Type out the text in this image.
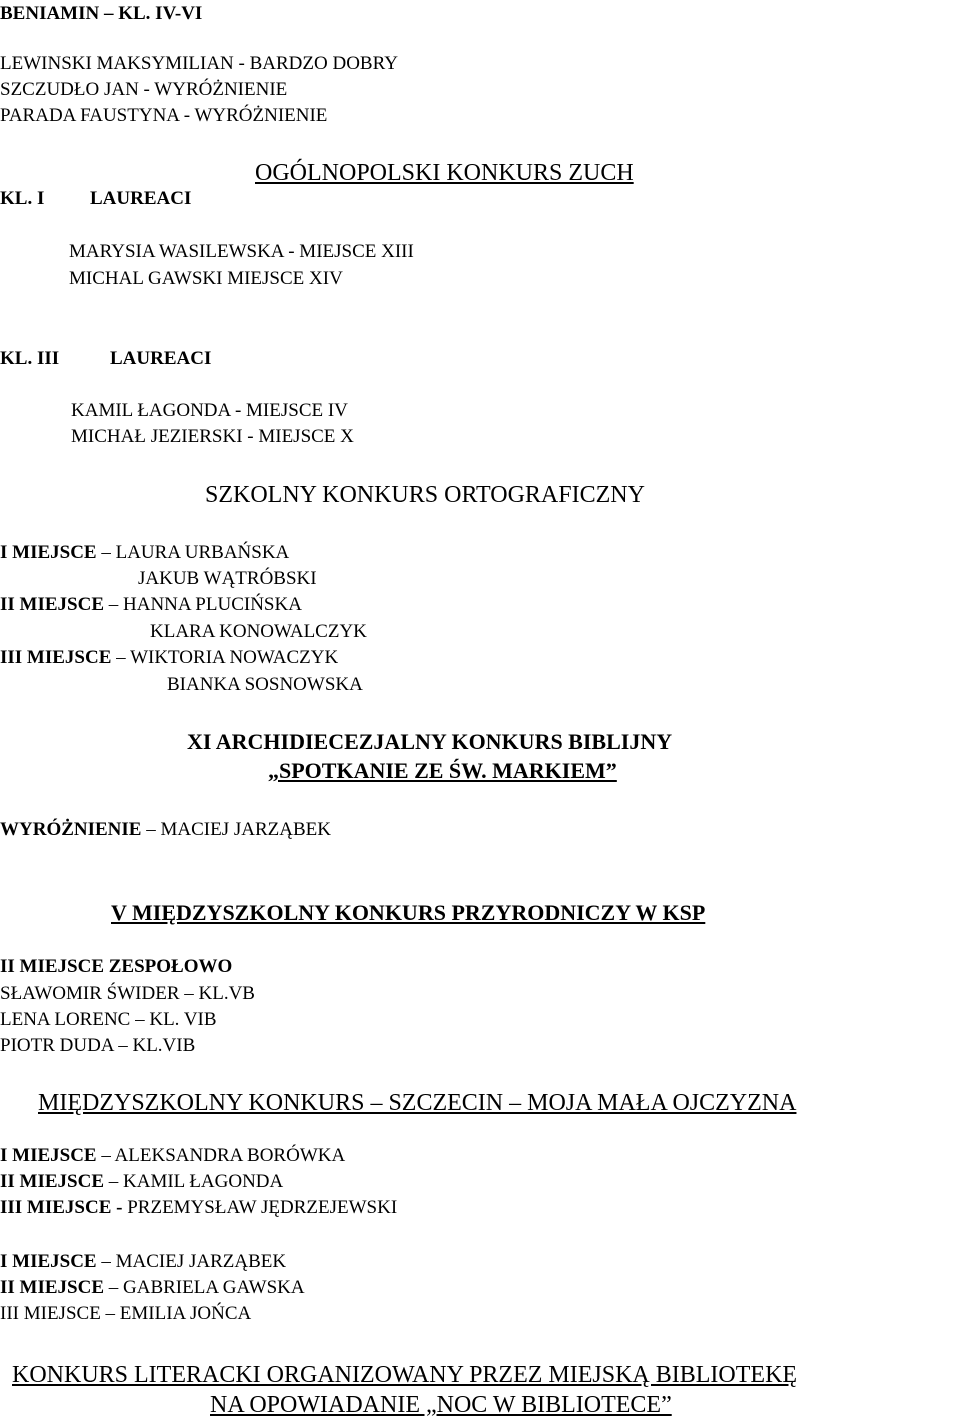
BENIAMIN – KL. IV-VI
LEWINSKI MAKSYMILIAN - BARDZO DOBRY
SZCZUDŁO JAN - WYRÓŻNIENIE
PARADA FAUSTYNA - WYRÓŻNIENIE
OGÓLNOPOLSKI KONKURS ZUCH
KL. I LAUREACI
MARYSIA WASILEWSKA - MIEJSCE XIII
MICHAL GAWSKI MIEJSCE XIV
KL. III	LAUREACI
KAMIL ŁAGONDA - MIEJSCE IV
MICHAŁ JEZIERSKI - MIEJSCE X
SZKOLNY KONKURS ORTOGRAFICZNY
I MIEJSCE – LAURA URBAŃSKA
JAKUB WĄTRÓBSKI
II MIEJSCE – HANNA PLUCIŃSKA
KLARA KONOWALCZYK
III MIEJSCE – WIKTORIA NOWACZYK
BIANKA SOSNOWSKA
XI ARCHIDIECEZJALNY KONKURS BIBLIJNY
„SPOTKANIE ZE ŚW. MARKIEM”
WYRÓŻNIENIE – MACIEJ JARZĄBEK
V MIĘDZYSZKOLNY KONKURS PRZYRODNICZY W KSP
II MIEJSCE ZESPOŁOWO
SŁAWOMIR ŚWIDER – KL.VB
LENA LORENC – KL. VIB
PIOTR DUDA – KL.VIB
MIĘDZYSZKOLNY KONKURS – SZCZECIN – MOJA MAŁA OJCZYZNA
I MIEJSCE – ALEKSANDRA BORÓWKA
II MIEJSCE – KAMIL ŁAGONDA
III MIEJSCE - PRZEMYSŁAW JĘDRZEJEWSKI
I MIEJSCE – MACIEJ JARZĄBEK
II MIEJSCE – GABRIELA GAWSKA
III MIEJSCE – EMILIA JOŃCA
KONKURS LITERACKI ORGANIZOWANY PRZEZ MIEJSKĄ BIBLIOTEKĘ
NA OPOWIADANIE „NOC W BIBLIOTECE”
